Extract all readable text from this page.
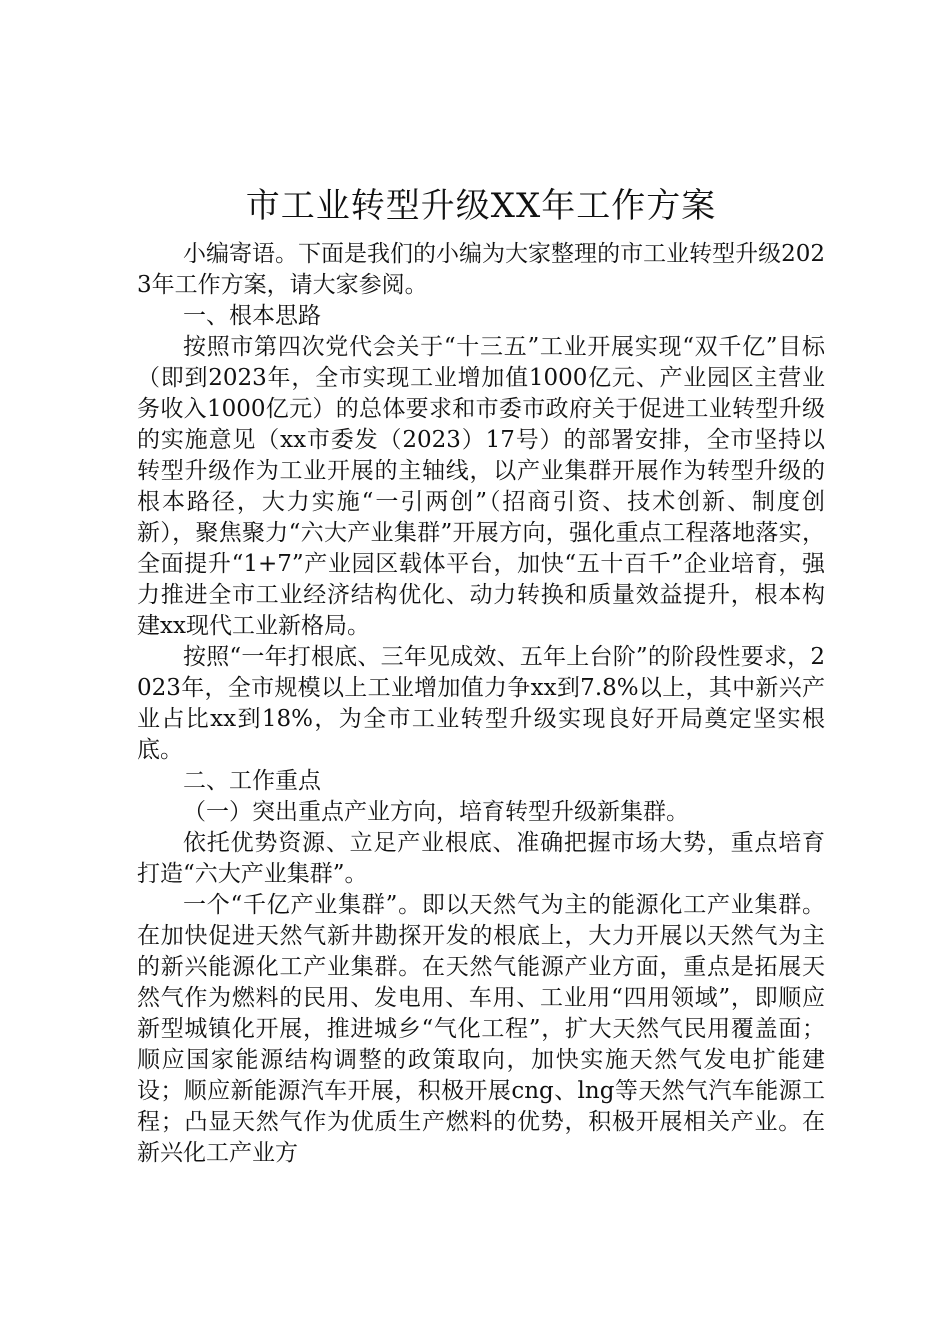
市工业转型升级XX年工作方案

小编寄语。下面是我们的小编为大家整理的市工业转型升级2023年工作方案，请大家参阅。

一、根本思路

按照市第四次党代会关于“十三五”工业开展实现“双千亿”目标（即到2023年，全市实现工业增加值1000亿元、产业园区主营业务收入1000亿元）的总体要求和市委市政府关于促进工业转型升级的实施意见（xx市委发（2023）17号）的部署安排，全市坚持以转型升级作为工业开展的主轴线，以产业集群开展作为转型升级的根本路径，大力实施“一引两创”（招商引资、技术创新、制度创新），聚焦聚力“六大产业集群”开展方向，强化重点工程落地落实，全面提升“1+7”产业园区载体平台，加快“五十百千”企业培育，强力推进全市工业经济结构优化、动力转换和质量效益提升，根本构建xx现代工业新格局。

按照“一年打根底、三年见成效、五年上台阶”的阶段性要求，2023年，全市规模以上工业增加值力争xx到7.8%以上，其中新兴产业占比xx到18%，为全市工业转型升级实现良好开局奠定坚实根底。

二、工作重点

（一）突出重点产业方向，培育转型升级新集群。

依托优势资源、立足产业根底、准确把握市场大势，重点培育打造“六大产业集群”。

一个“千亿产业集群”。即以天然气为主的能源化工产业集群。在加快促进天然气新井勘探开发的根底上，大力开展以天然气为主的新兴能源化工产业集群。在天然气能源产业方面，重点是拓展天然气作为燃料的民用、发电用、车用、工业用“四用领域”，即顺应新型城镇化开展，推进城乡“气化工程”，扩大天然气民用覆盖面；顺应国家能源结构调整的政策取向，加快实施天然气发电扩能建设；顺应新能源汽车开展，积极开展cng、lng等天然气汽车能源工程；凸显天然气作为优质生产燃料的优势，积极开展相关产业。在新兴化工产业方
